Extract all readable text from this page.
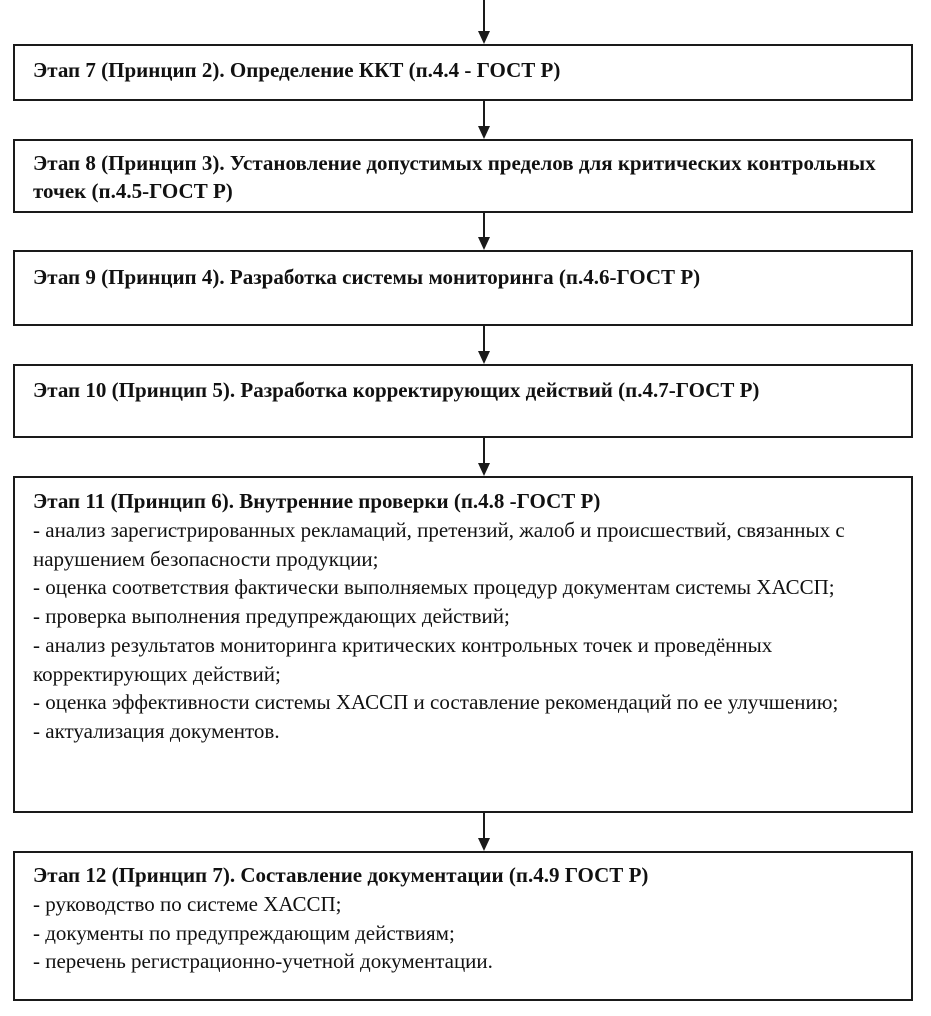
Этап 7 (Принцип 2). Определение ККТ (п.4.4 - ГОСТ Р)

Этап 8 (Принцип 3). Установление допустимых пределов для критических контрольных точек (п.4.5-ГОСТ Р)

Этап 9 (Принцип 4). Разработка системы мониторинга (п.4.6-ГОСТ Р)

Этап 10 (Принцип 5). Разработка корректирующих действий (п.4.7-ГОСТ Р)

Этап 11 (Принцип 6). Внутренние проверки (п.4.8 -ГОСТ Р)

- анализ зарегистрированных рекламаций, претензий, жалоб и происшествий, связанных с нарушением безопасности продукции;
- оценка соответствия фактически выполняемых процедур документам системы ХАССП;
- проверка выполнения предупреждающих действий;
- анализ результатов мониторинга критических контрольных точек и проведённых корректирующих действий;
- оценка эффективности системы ХАССП и составление рекомендаций по ее улучшению;
- актуализация документов.

Этап 12 (Принцип 7). Составление документации (п.4.9 ГОСТ Р)

- руководство по системе ХАССП;
- документы по предупреждающим действиям;
- перечень регистрационно-учетной документации.
